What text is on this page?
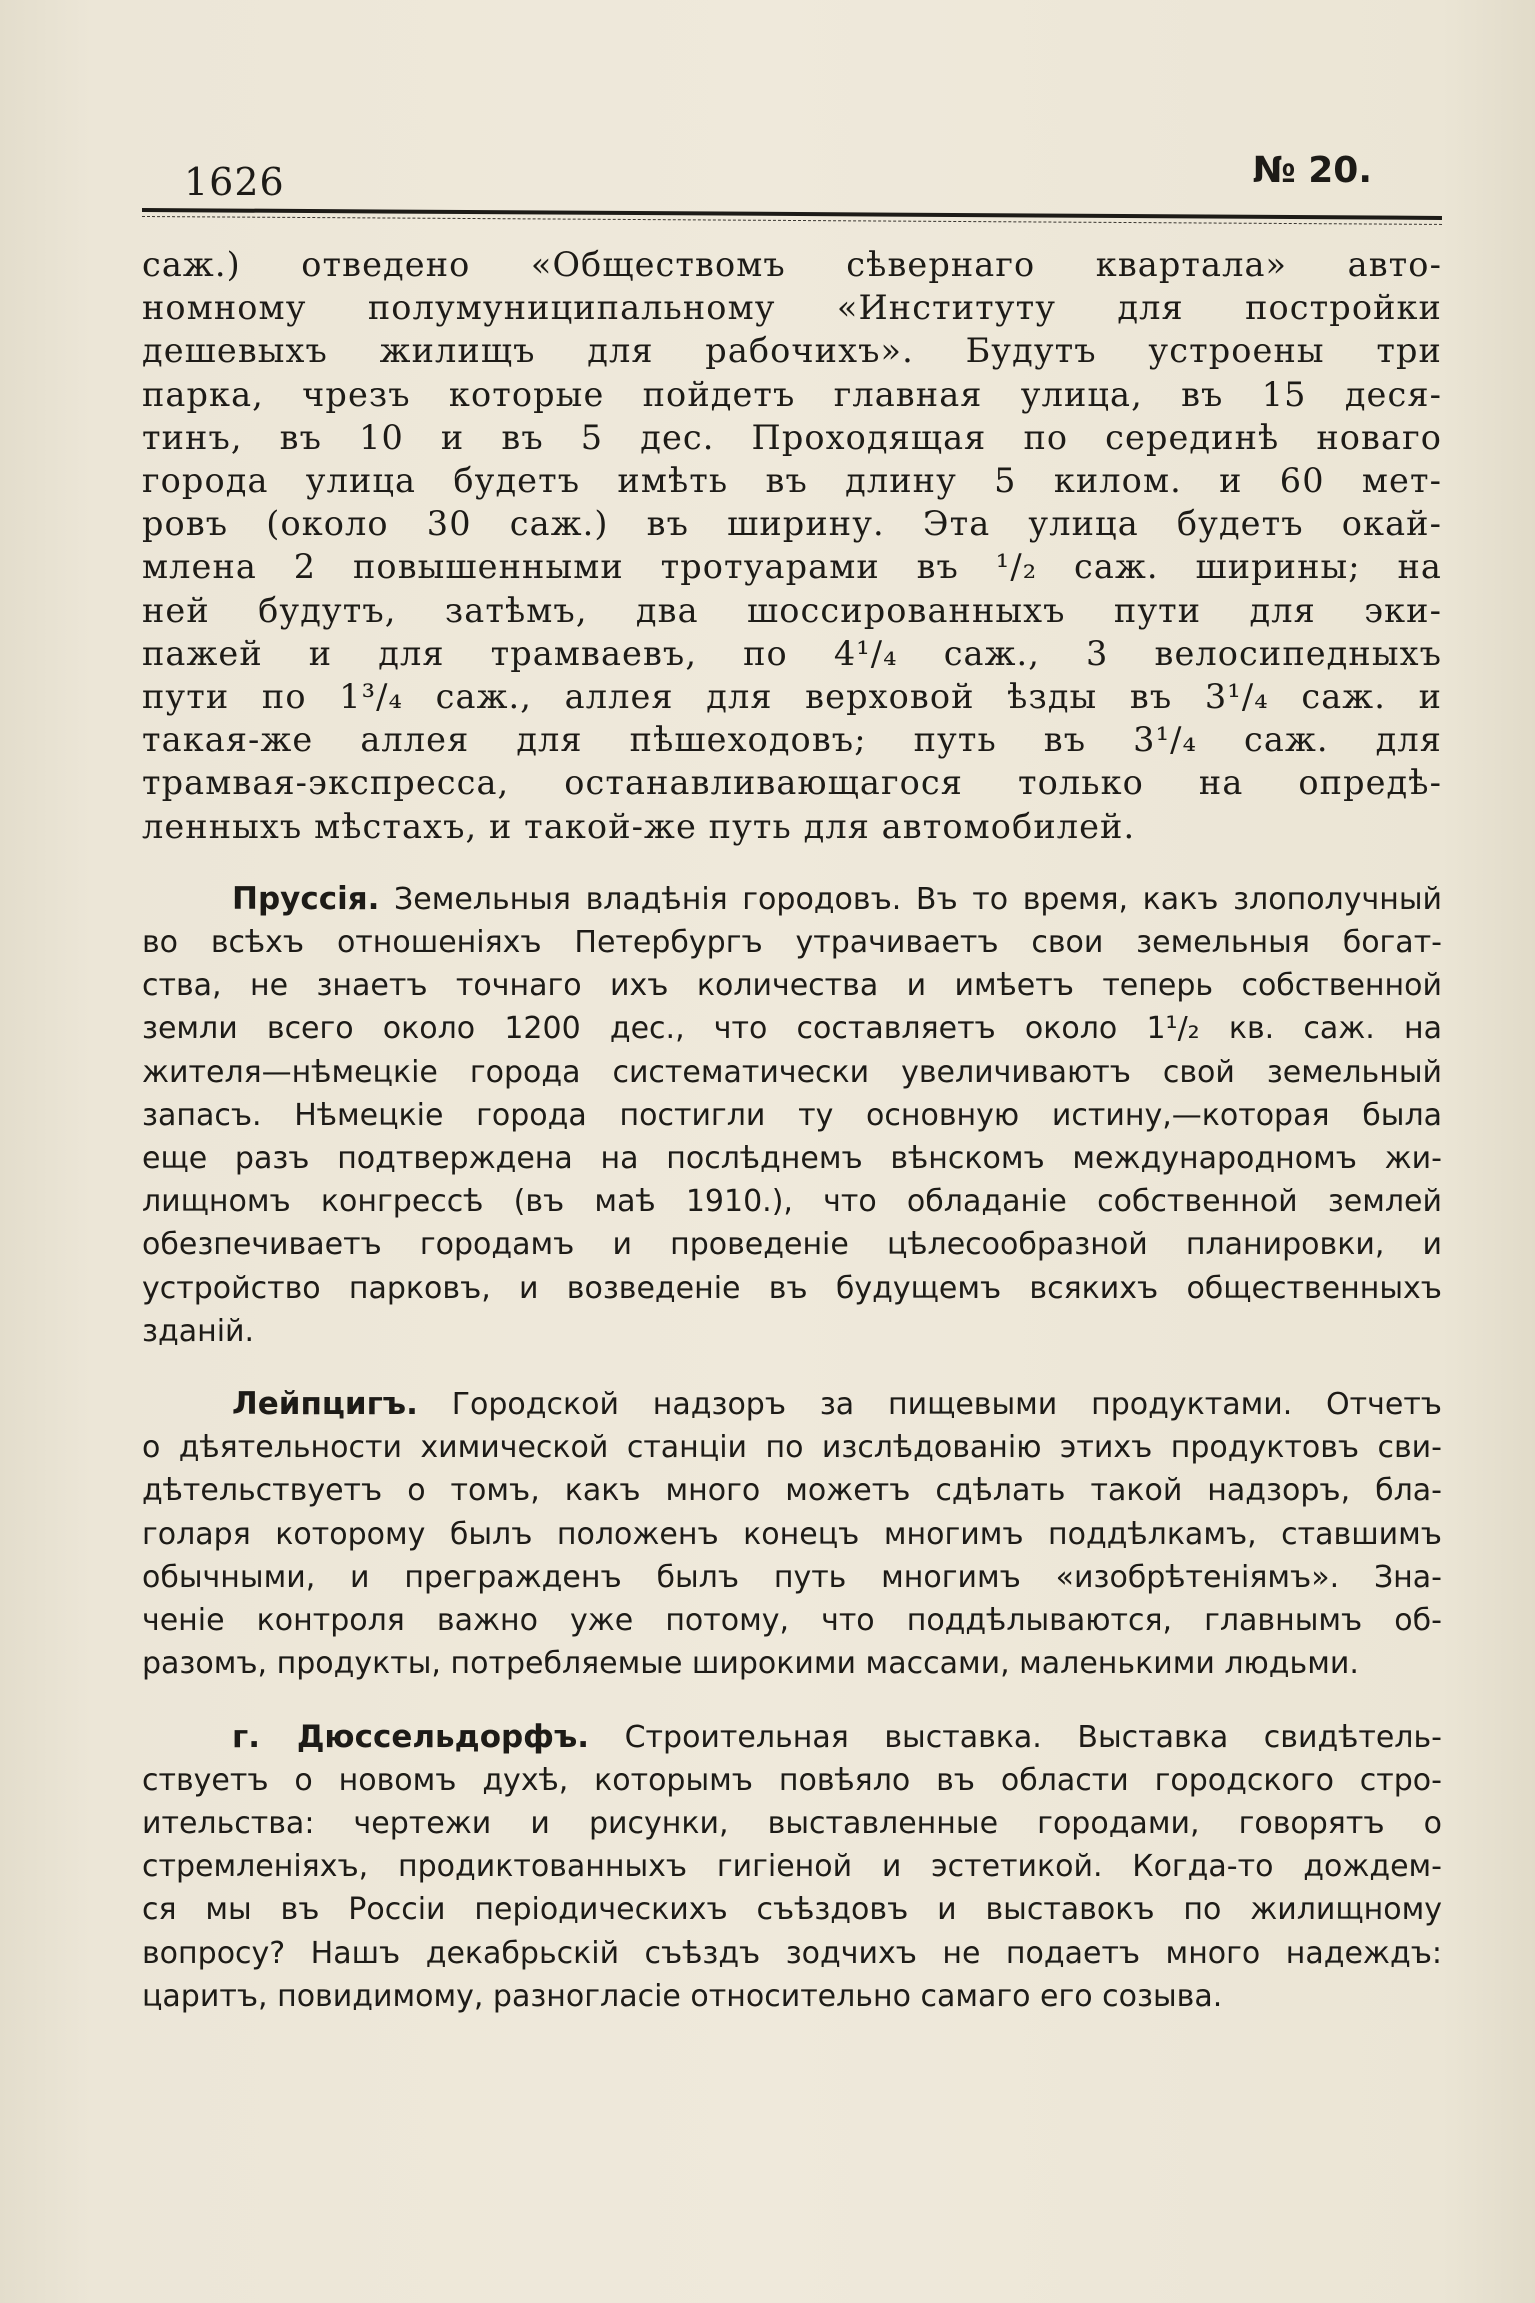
1626	№ 20.
саж.) отведено «Обществомъ сѣвернаго квартала» авто-
номному полумуниципальному «Институту для постройки
дешевыхъ жилищъ для рабочихъ». Будутъ устроены три
парка, чрезъ которые пойдетъ главная улица, въ 15 деся-
тинъ, въ 10 и въ 5 дес. Проходящая по серединѣ новаго
города улица будетъ имѣть въ длину 5 килом. и 60 мет-
ровъ (около 30 саж.) въ ширину. Эта улица будетъ окай-
млена 2 повышенными тротуарами въ ¹/₂ саж. ширины; на
ней будутъ, затѣмъ, два шоссированныхъ пути для эки-
пажей и для трамваевъ, по 4¹/₄ саж., 3 велосипедныхъ
пути по 1³/₄ саж., аллея для верховой ѣзды въ 3¹/₄ саж. и
такая-же аллея для пѣшеходовъ; путь въ 3¹/₄ саж. для
трамвая-экспресса, останавливающагося только на опредѣ-
ленныхъ мѣстахъ, и такой-же путь для автомобилей.
Пруссія. Земельныя владѣнія городовъ. Въ то время, какъ злополучный
во всѣхъ отношеніяхъ Петербургъ утрачиваетъ свои земельныя богат-
ства, не знаетъ точнаго ихъ количества и имѣетъ теперь собственной
земли всего около 1200 дес., что составляетъ около 1¹/₂ кв. саж. на
жителя—нѣмецкіе города систематически увеличиваютъ свой земельный
запасъ. Нѣмецкіе города постигли ту основную истину,—которая была
еще разъ подтверждена на послѣднемъ вѣнскомъ международномъ жи-
лищномъ конгрессѣ (въ маѣ 1910.), что обладаніе собственной землей
обезпечиваетъ городамъ и проведеніе цѣлесообразной планировки, и
устройство парковъ, и возведеніе въ будущемъ всякихъ общественныхъ
зданій.
Лейпцигъ. Городской надзоръ за пищевыми продуктами. Отчетъ
о дѣятельности химической станціи по изслѣдованію этихъ продуктовъ сви-
дѣтельствуетъ о томъ, какъ много можетъ сдѣлать такой надзоръ, бла-
голаря которому былъ положенъ конецъ многимъ поддѣлкамъ, ставшимъ
обычными, и прегражденъ былъ путь многимъ «изобрѣтеніямъ». Зна-
ченіе контроля важно уже потому, что поддѣлываются, главнымъ об-
разомъ, продукты, потребляемые широкими массами, маленькими людьми.
г. Дюссельдорфъ. Строительная выставка. Выставка свидѣтель-
ствуетъ о новомъ духѣ, которымъ повѣяло въ области городского стро-
ительства: чертежи и рисунки, выставленные городами, говорятъ о
стремленіяхъ, продиктованныхъ гигіеной и эстетикой. Когда-то дождем-
ся мы въ Россіи періодическихъ съѣздовъ и выставокъ по жилищному
вопросу? Нашъ декабрьскій съѣздъ зодчихъ не подаетъ много надеждъ:
царитъ, повидимому, разногласіе относительно самаго его созыва.
